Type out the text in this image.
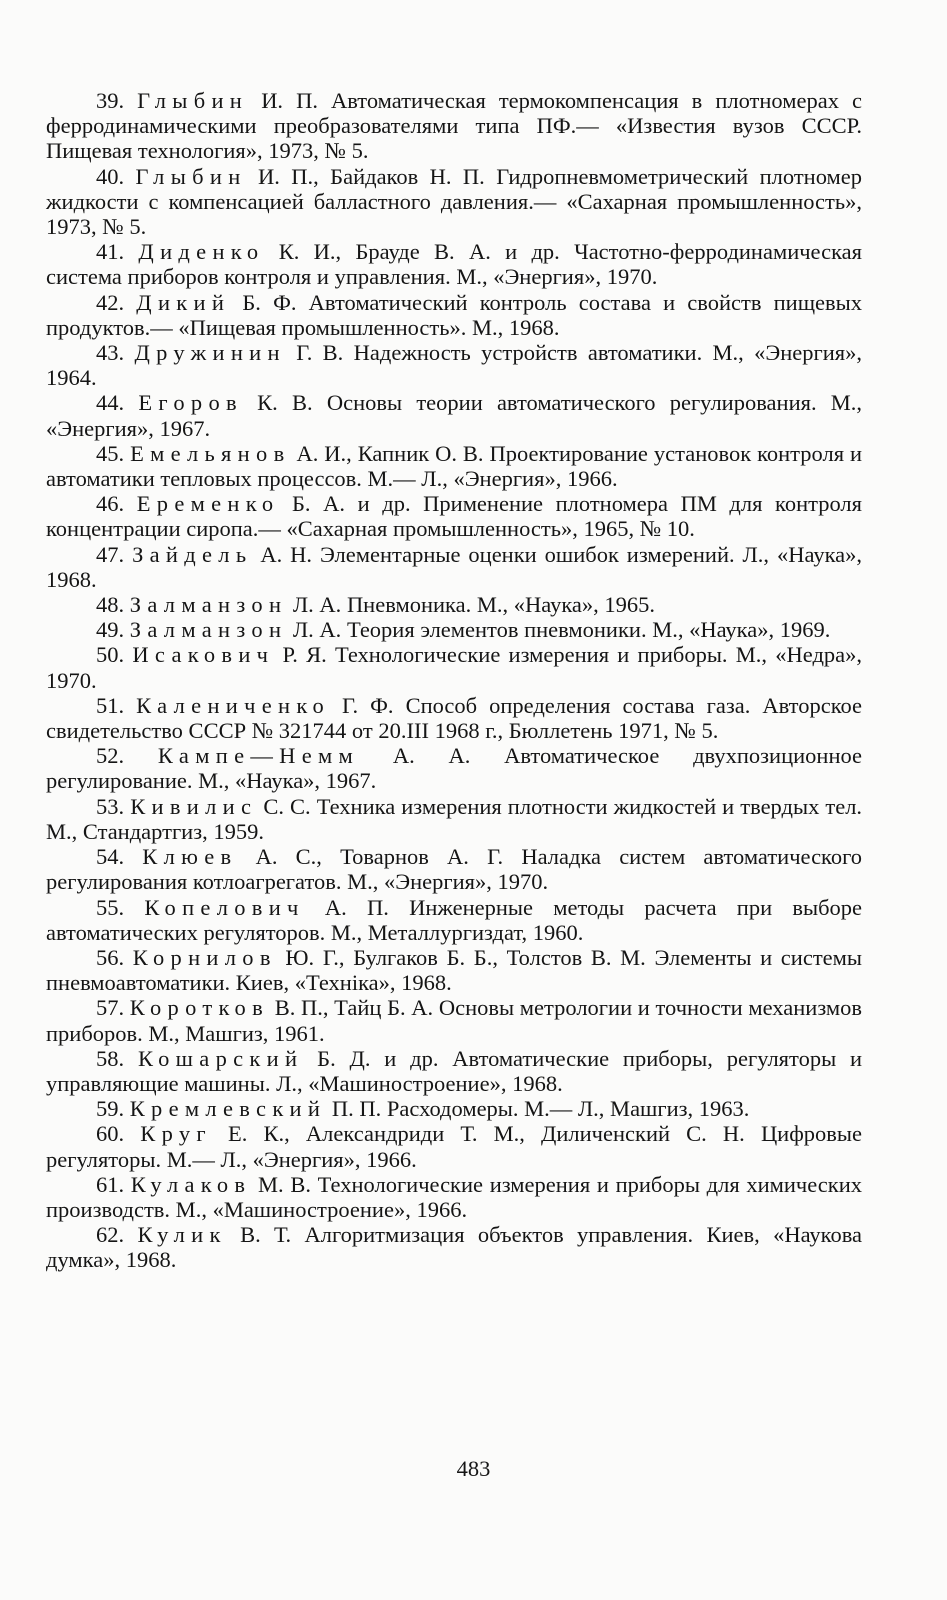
39. Глыбин И. П. Автоматическая термокомпенсация в плотномерах с ферродинамическими преобразователями типа ПФ.— «Известия вузов СССР. Пищевая технология», 1973, № 5.

40. Глыбин И. П., Байдаков Н. П. Гидропневмометрический плотномер жидкости с компенсацией балластного давления.— «Сахарная промышленность», 1973, № 5.

41. Диденко К. И., Брауде В. А. и др. Частотно-ферродинамическая система приборов контроля и управления. М., «Энергия», 1970.

42. Дикий Б. Ф. Автоматический контроль состава и свойств пищевых продуктов.— «Пищевая промышленность». М., 1968.

43. Дружинин Г. В. Надежность устройств автоматики. М., «Энергия», 1964.

44. Егоров К. В. Основы теории автоматического регулирования. М., «Энергия», 1967.

45. Емельянов А. И., Капник О. В. Проектирование установок контроля и автоматики тепловых процессов. М.— Л., «Энергия», 1966.

46. Еременко Б. А. и др. Применение плотномера ПМ для контроля концентрации сиропа.— «Сахарная промышленность», 1965, № 10.

47. Зайдель А. Н. Элементарные оценки ошибок измерений. Л., «Наука», 1968.

48. Залманзон Л. А. Пневмоника. М., «Наука», 1965.

49. Залманзон Л. А. Теория элементов пневмоники. М., «Наука», 1969.

50. Исакович Р. Я. Технологические измерения и приборы. М., «Недра», 1970.

51. Калениченко Г. Ф. Способ определения состава газа. Авторское свидетельство СССР № 321744 от 20.III 1968 г., Бюллетень 1971, № 5.

52. Кампе—Немм А. А. Автоматическое двухпозиционное регулирование. М., «Наука», 1967.

53. Кивилис С. С. Техника измерения плотности жидкостей и твердых тел. М., Стандартгиз, 1959.

54. Клюев А. С., Товарнов А. Г. Наладка систем автоматического регулирования котлоагрегатов. М., «Энергия», 1970.

55. Копелович А. П. Инженерные методы расчета при выборе автоматических регуляторов. М., Металлургиздат, 1960.

56. Корнилов Ю. Г., Булгаков Б. Б., Толстов В. М. Элементы и системы пневмоавтоматики. Киев, «Техніка», 1968.

57. Коротков В. П., Тайц Б. А. Основы метрологии и точности механизмов приборов. М., Машгиз, 1961.

58. Кошарский Б. Д. и др. Автоматические приборы, регуляторы и управляющие машины. Л., «Машиностроение», 1968.

59. Кремлевский П. П. Расходомеры. М.— Л., Машгиз, 1963.

60. Круг Е. К., Александриди Т. М., Диличенский С. Н. Цифровые регуляторы. М.— Л., «Энергия», 1966.

61. Кулаков М. В. Технологические измерения и приборы для химических производств. М., «Машиностроение», 1966.

62. Кулик В. Т. Алгоритмизация объектов управления. Киев, «Наукова думка», 1968.

483
